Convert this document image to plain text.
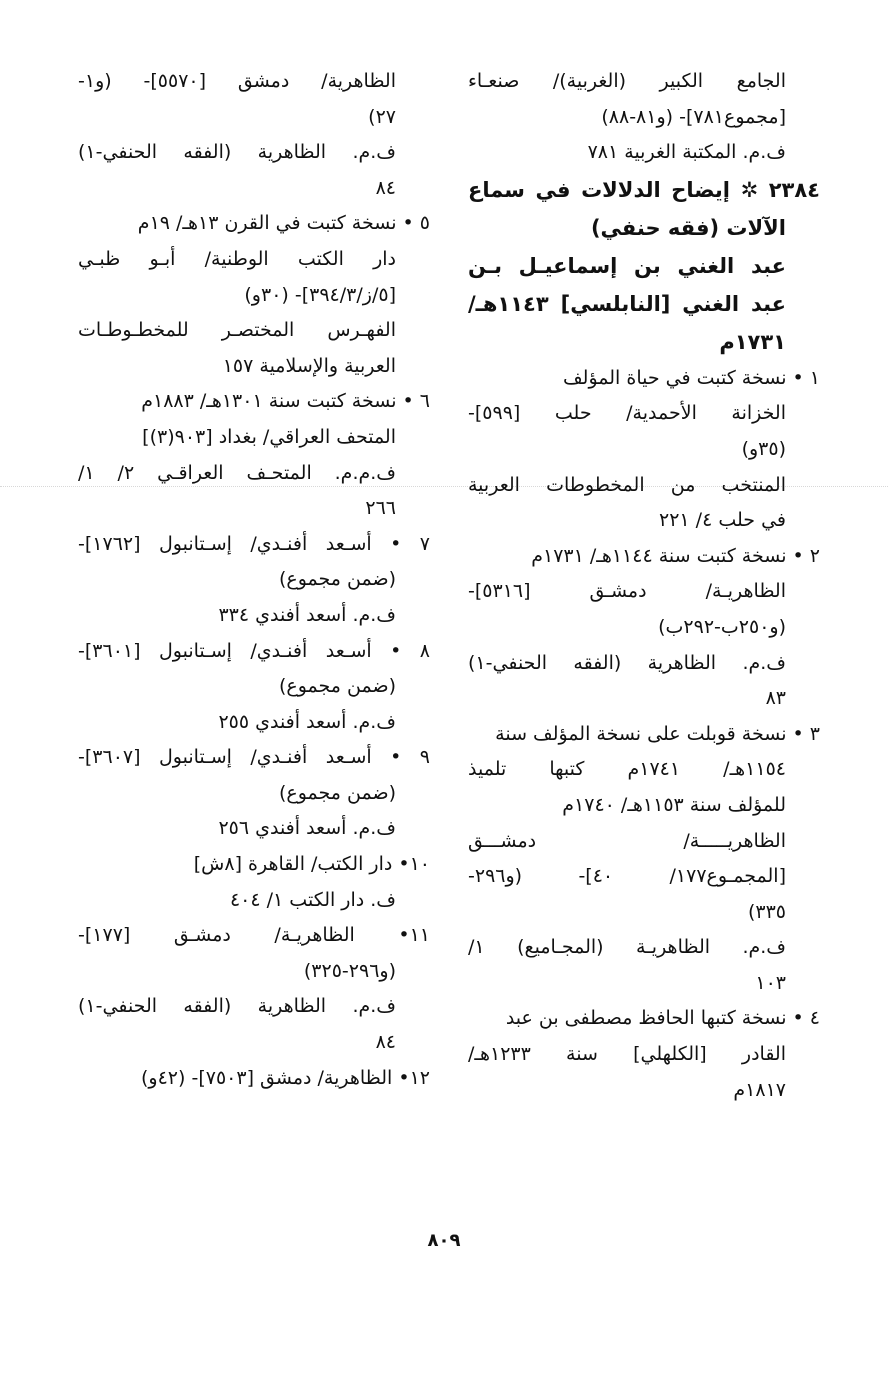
الجامع الكبير (الغربية)/ صنعـاء
[مجموع٧٨١]- (و٨١-٨٨)
ف.م. المكتبة الغربية ٧٨١
٢٣٨٤ ✲ إيضاح الدلالات في سماع
الآلات (فقه حنفي)
عبد الغني بن إسماعيـل بـن
عبد الغني [النابلسي] ١١٤٣هـ/
١٧٣١م
١ • نسخة كتبت في حياة المؤلف
الخزانة الأحمدية/ حلب [٥٩٩]-
(٣٥و)
المنتخب من المخطوطات العربية
في حلب ٤/ ٢٢١
٢ • نسخة كتبت سنة ١١٤٤هـ/ ١٧٣١م
الظاهريـة/ دمشـق [٥٣١٦]-
(و٢٥٠ب-٢٩٢ب)
ف.م. الظاهرية (الفقه الحنفي-١)
٨٣
٣ • نسخة قوبلت على نسخة المؤلف سنة
١١٥٤هـ/ ١٧٤١م كتبها تلميذ
للمؤلف سنة ١١٥٣هـ/ ١٧٤٠م
الظاهريـــــة/ دمشـــق
[المجمـوع١٧٧/ ٤٠]- (و٢٩٦-
٣٣٥)
ف.م. الظاهريـة (المجـاميع) ١/
١٠٣
٤ • نسخة كتبها الحافظ مصطفى بن عبد
القادر [الكلهلي] سنة ١٢٣٣هـ/
١٨١٧م
الظاهرية/ دمشق [٥٥٧٠]- (و١-
٢٧)
ف.م. الظاهرية (الفقه الحنفي-١)
٨٤
٥ • نسخة كتبت في القرن ١٣هـ/ ١٩م
دار الكتب الوطنية/ أبـو ظبـي
[٥/ز/٣٩٤/٣]- (٣٠و)
الفهـرس المختصـر للمخطـوطـات
العربية والإسلامية ١٥٧
٦ • نسخة كتبت سنة ١٣٠١هـ/ ١٨٨٣م
المتحف العراقي/ بغداد [٩٠٣(٣)]
ف.م.م. المتحـف العراقـي ٢/ ١/
٢٦٦
٧ • أسـعد أفنـدي/ إسـتانبول [١٧٦٢]-
(ضمن مجموع)
ف.م. أسعد أفندي ٣٣٤
٨ • أسـعد أفنـدي/ إسـتانبول [٣٦٠١]-
(ضمن مجموع)
ف.م. أسعد أفندي ٢٥٥
٩ • أسـعد أفنـدي/ إسـتانبول [٣٦٠٧]-
(ضمن مجموع)
ف.م. أسعد أفندي ٢٥٦
١٠• دار الكتب/ القاهرة [٨ش]
ف. دار الكتب ١/ ٤٠٤
١١• الظاهريـة/ دمشـق [١٧٧]-
(و٢٩٦-٣٢٥)
ف.م. الظاهرية (الفقه الحنفي-١)
٨٤
١٢• الظاهرية/ دمشق [٧٥٠٣]- (٤٢و)
٨٠٩
